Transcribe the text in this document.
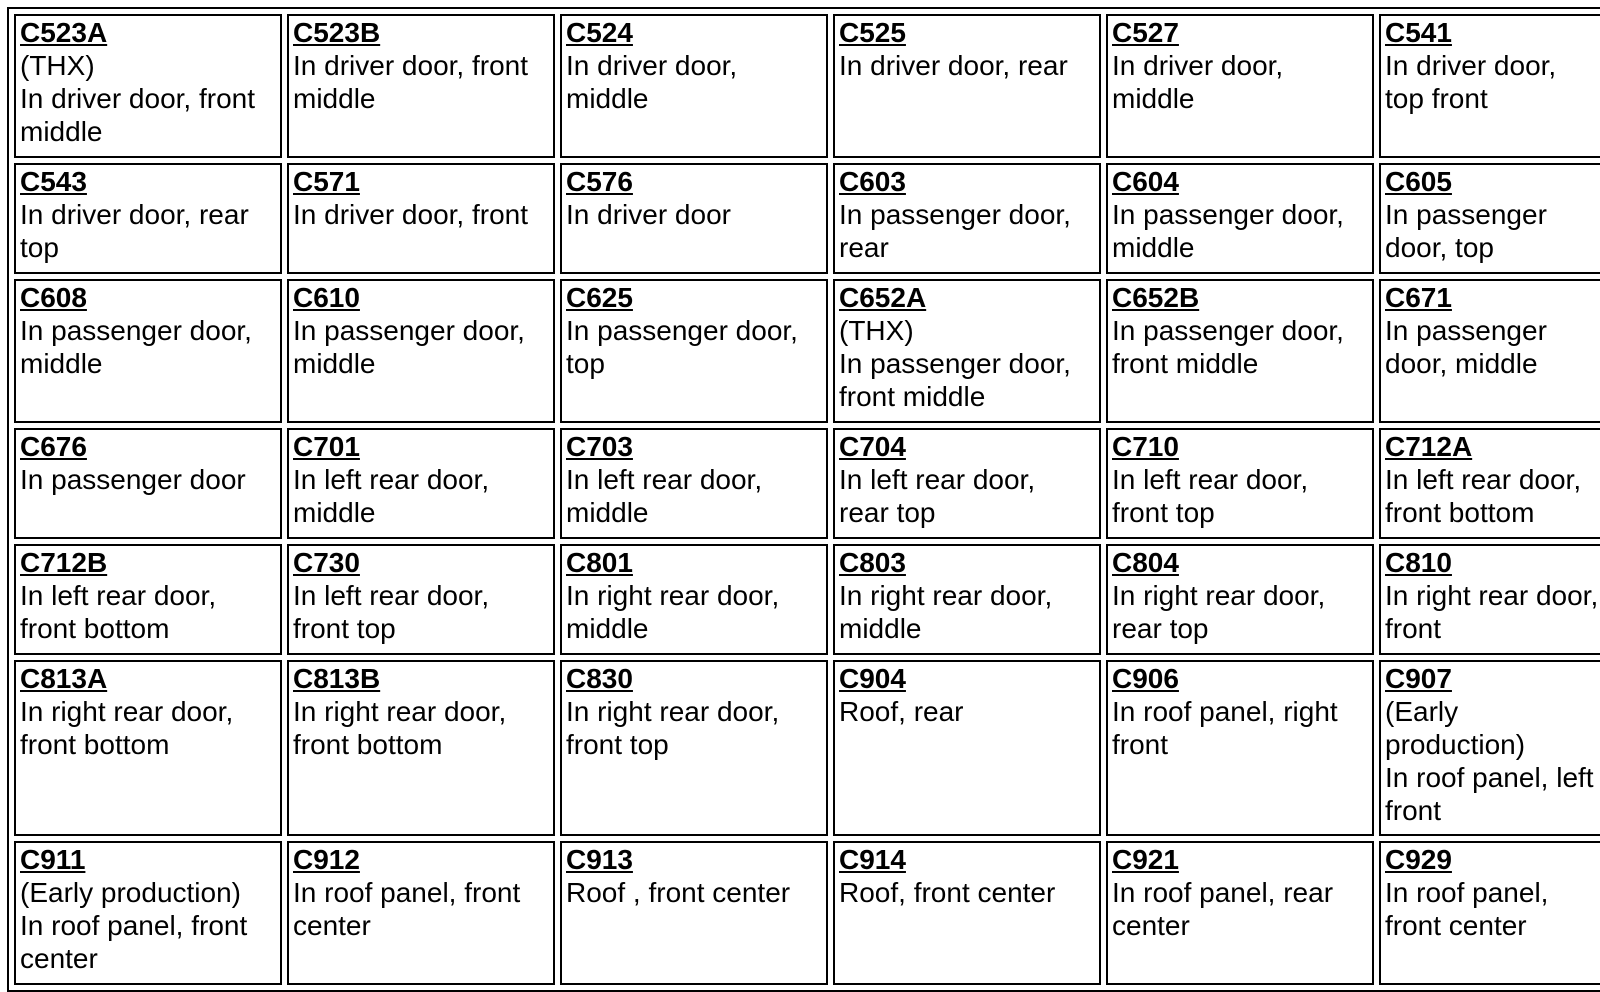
C523A
(THX)
In driver door, front
middle	C523B
In driver door, front
middle	C524
In driver door,
middle	C525
In driver door, rear	C527
In driver door,
middle	C541
In driver door,
top front

C543
In driver door, rear
top	C571
In driver door, front	C576
In driver door	C603
In passenger door,
rear	C604
In passenger door,
middle	C605
In passenger
door, top

C608
In passenger door,
middle	C610
In passenger door,
middle	C625
In passenger door,
top	C652A
(THX)
In passenger door,
front middle	C652B
In passenger door,
front middle	C671
In passenger
door, middle

C676
In passenger door	C701
In left rear door,
middle	C703
In left rear door,
middle	C704
In left rear door,
rear top	C710
In left rear door,
front top	C712A
In left rear door,
front bottom

C712B
In left rear door,
front bottom	C730
In left rear door,
front top	C801
In right rear door,
middle	C803
In right rear door,
middle	C804
In right rear door,
rear top	C810
In right rear door,
front

C813A
In right rear door,
front bottom	C813B
In right rear door,
front bottom	C830
In right rear door,
front top	C904
Roof, rear	C906
In roof panel, right
front	C907
(Early
production)
In roof panel, left
front

C911
(Early production)
In roof panel, front
center	C912
In roof panel, front
center	C913
Roof , front center	C914
Roof, front center	C921
In roof panel, rear
center	C929
In roof panel,
front center
